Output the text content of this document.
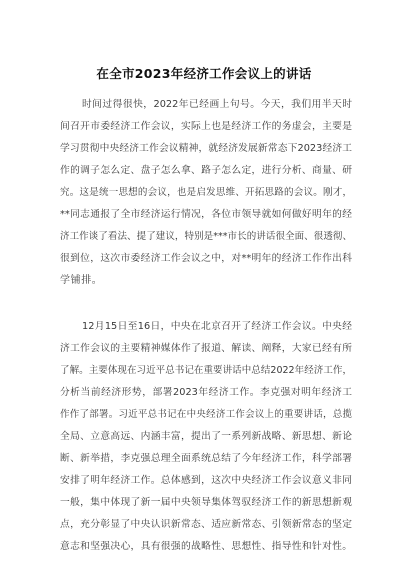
在全市2023年经济工作会议上的讲话
时间过得很快，2022年已经画上句号。今天，我们用半天时
间召开市委经济工作会议，实际上也是经济工作的务虚会，主要是
学习贯彻中央经济工作会议精神，就经济发展新常态下2023经济工
作的调子怎么定、盘子怎么拿、路子怎么定，进行分析、商量、研
究。这是统一思想的会议，也是启发思维、开拓思路的会议。刚才，
**同志通报了全市经济运行情况，各位市领导就如何做好明年的经
济工作谈了看法、提了建议，特别是***市长的讲话很全面、很透彻、
很到位，这次市委经济工作会议之中，对**明年的经济工作作出科
学铺排。
12月15日至16日，中央在北京召开了经济工作会议。中央经
济工作会议的主要精神媒体作了报道、解读、阐释，大家已经有所
了解。主要体现在习近平总书记在重要讲话中总结2022年经济工作，
分析当前经济形势，部署2023年经济工作。李克强对明年经济工
作作了部署。习近平总书记在中央经济工作会议上的重要讲话，总揽
全局、立意高远、内涵丰富，提出了一系列新战略、新思想、新论
断、新举措，李克强总理全面系统总结了今年经济工作，科学部署
安排了明年经济工作。总体感到，这次中央经济工作会议意义非同
一般，集中体现了新一届中央领导集体驾驭经济工作的新思想新观
点，充分彰显了中央认识新常态、适应新常态、引领新常态的坚定
意志和坚强决心，具有很强的战略性、思想性、指导性和针对性。
